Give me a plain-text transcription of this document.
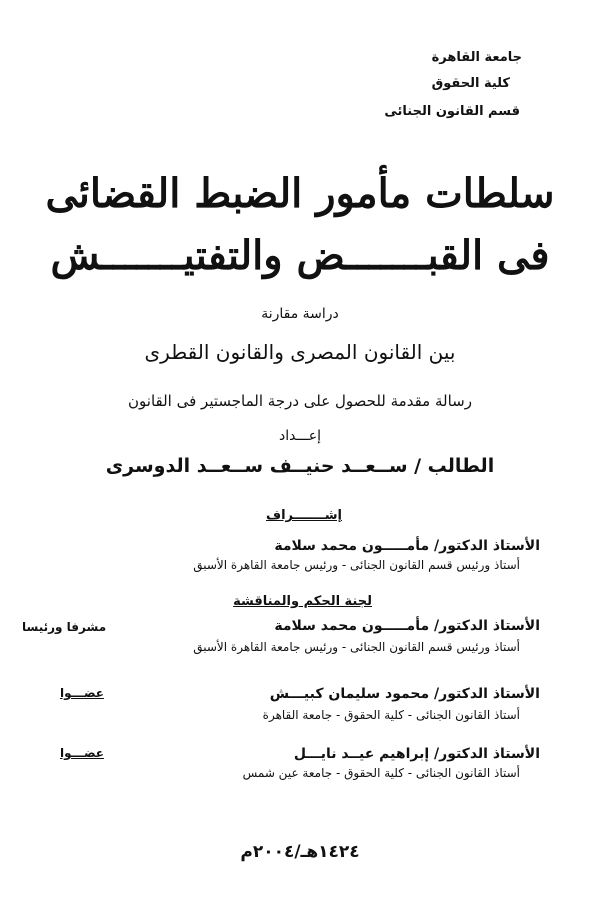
جامعة القاهرة
كلية الحقوق
قسم القانون الجنائى
سلطات مأمور الضبط القضائى
فى القبـــــــض والتفتيـــــــش
دراسة مقارنة
بين القانون المصرى والقانون القطرى
رسالة مقدمة للحصول على درجة الماجستير فى القانون
إعـــداد
الطالب / ســعــد حنيــف ســعــد الدوسرى
إشـــــــراف
الأستاذ الدكتور/ مأمـــــون محمد سلامة
أستاذ ورئيس قسم القانون الجنائى - ورئيس جامعة القاهرة الأسبق
لجنة الحكم والمناقشة
الأستاذ الدكتور/ مأمـــــون محمد سلامة
مشرفا ورئيسا
أستاذ ورئيس قسم القانون الجنائى - ورئيس جامعة القاهرة الأسبق
الأستاذ الدكتور/ محمود سليمان كبيـــش
عضـــوا
أستاذ القانون الجنائى - كلية الحقوق - جامعة القاهرة
الأستاذ الدكتور/ إبراهيم عيــد نايـــل
عضـــوا
أستاذ القانون الجنائى - كلية الحقوق - جامعة عين شمس
١٤٢٤هـ/٢٠٠٤م
